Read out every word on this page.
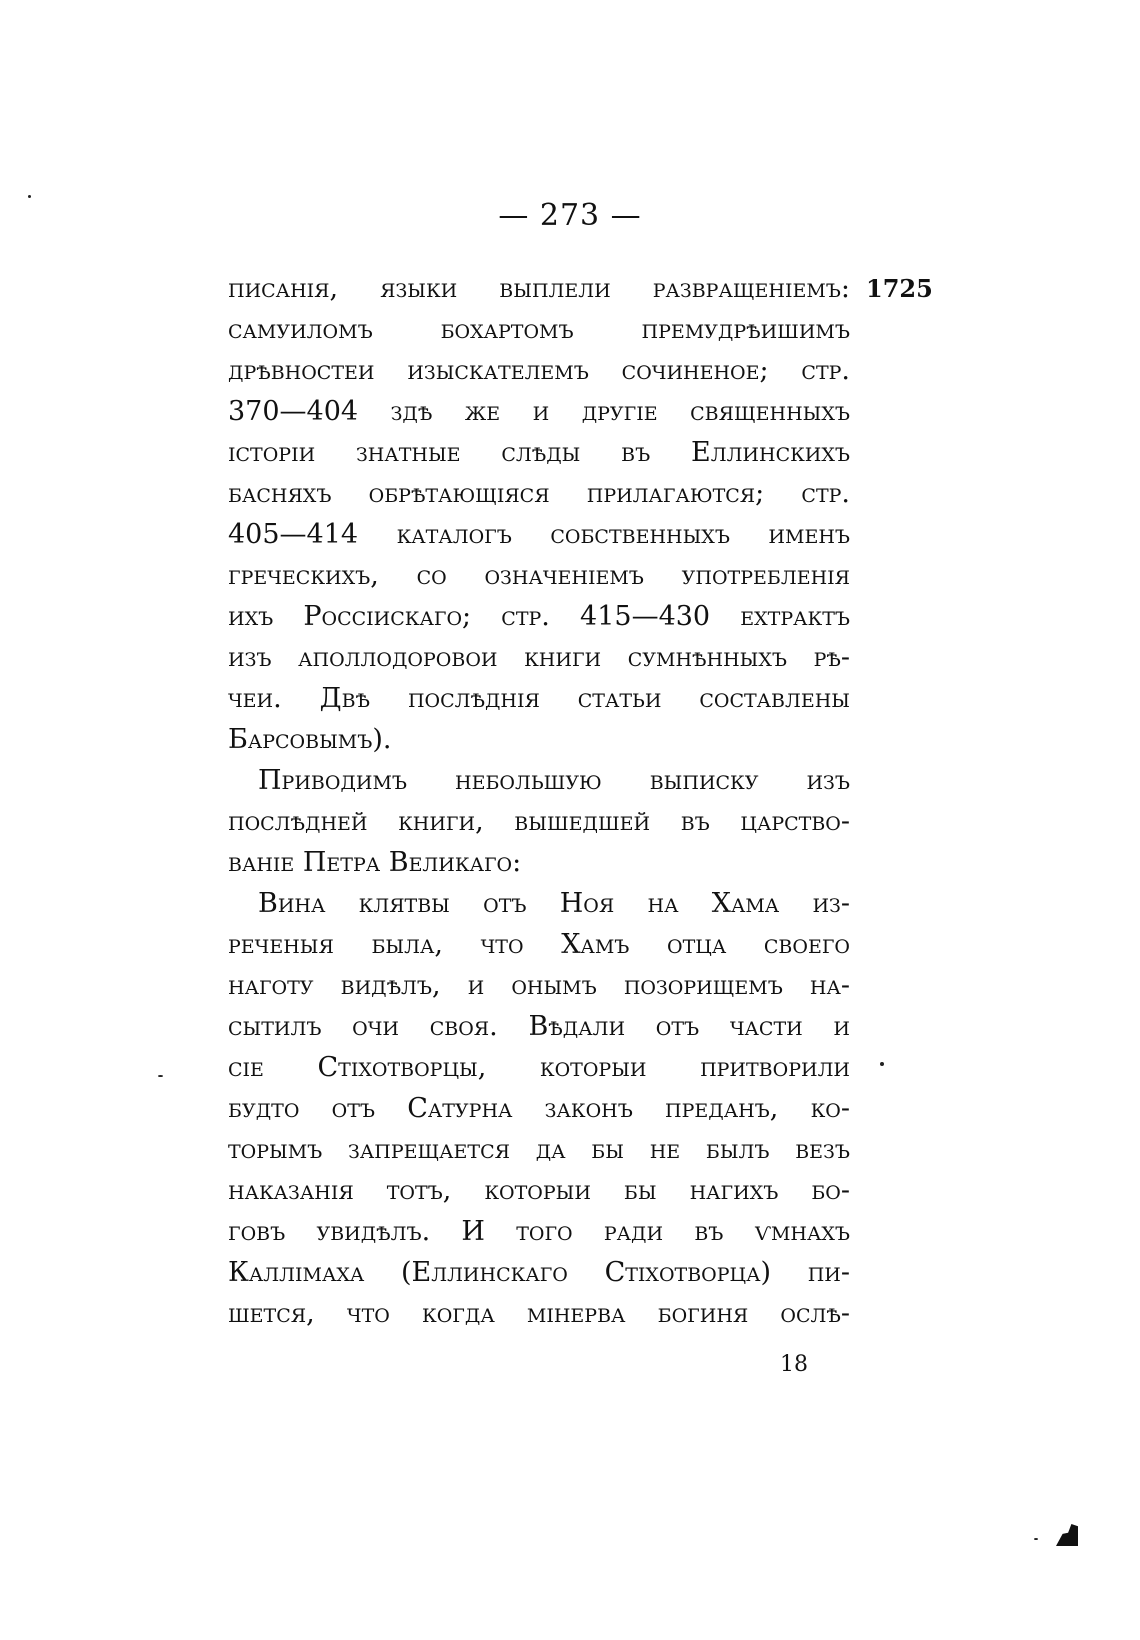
— 273 —
1725
писанія, языки выплели развращеніемъ:
самуиломъ бохартомъ премудрѣишимъ
дрѣвностеи изыскателемъ сочиненое; стр.
370—404 здѣ же и другіе священныхъ
історіи знатные слѣды въ Еллинскихъ
басняхъ обрѣтающіяся прилагаются; стр.
405—414 каталогъ собственныхъ именъ
греческихъ, со означеніемъ употребленія
ихъ Россіискаго; стр. 415—430 ехтрактъ
изъ аполлодоровои книги сумнѣнныхъ рѣ-
чеи. Двѣ послѣднія статьи составлены
Барсовымъ).
Приводимъ небольшую выписку изъ
послѣдней книги, вышедшей въ царство-
ваніе Петра Великаго:
Вина клятвы отъ Ноя на Хама из-
реченыя была, что Хамъ отца своего
наготу видѣлъ, и онымъ позорищемъ на-
сытилъ очи своя. Вѣдали отъ части и
сіе Стіхотворцы, которыи притворили
будто отъ Сатурна законъ преданъ, ко-
торымъ запрещается да бы не былъ везъ
наказанія тотъ, которыи бы нагихъ бо-
говъ увидѣлъ. И того ради въ ѵмнахъ
Каллімаха (Еллинскаго Стіхотворца) пи-
шется, что когда мінерва богиня ослѣ-
18
